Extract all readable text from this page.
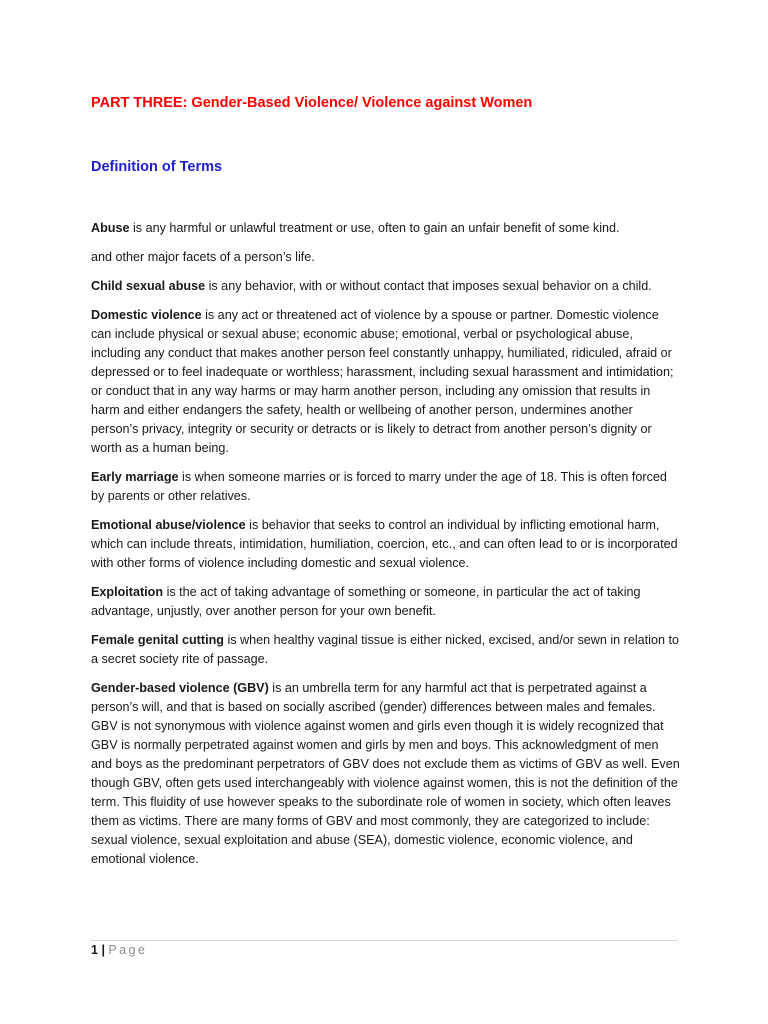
PART THREE: Gender-Based Violence/ Violence against Women
Definition of Terms

Abuse is any harmful or unlawful treatment or use, often to gain an unfair benefit of some kind.

and other major facets of a person’s life.

Child sexual abuse is any behavior, with or without contact that imposes sexual behavior on a child.

Domestic violence is any act or threatened act of violence by a spouse or partner. Domestic violence can include physical or sexual abuse; economic abuse; emotional, verbal or psychological abuse, including any conduct that makes another person feel constantly unhappy, humiliated, ridiculed, afraid or depressed or to feel inadequate or worthless; harassment, including sexual harassment and intimidation; or conduct that in any way harms or may harm another person, including any omission that results in harm and either endangers the safety, health or wellbeing of another person, undermines another person’s privacy, integrity or security or detracts or is likely to detract from another person’s dignity or worth as a human being.

Early marriage is when someone marries or is forced to marry under the age of 18. This is often forced by parents or other relatives.

Emotional abuse/violence is behavior that seeks to control an individual by inflicting emotional harm, which can include threats, intimidation, humiliation, coercion, etc., and can often lead to or is incorporated with other forms of violence including domestic and sexual violence.

Exploitation is the act of taking advantage of something or someone, in particular the act of taking advantage, unjustly, over another person for your own benefit.

Female genital cutting is when healthy vaginal tissue is either nicked, excised, and/or sewn in relation to a secret society rite of passage.

Gender-based violence (GBV) is an umbrella term for any harmful act that is perpetrated against a person’s will, and that is based on socially ascribed (gender) differences between males and females. GBV is not synonymous with violence against women and girls even though it is widely recognized that GBV is normally perpetrated against women and girls by men and boys. This acknowledgment of men and boys as the predominant perpetrators of GBV does not exclude them as victims of GBV as well. Even though GBV, often gets used interchangeably with violence against women, this is not the definition of the term. This fluidity of use however speaks to the subordinate role of women in society, which often leaves them as victims. There are many forms of GBV and most commonly, they are categorized to include: sexual violence, sexual exploitation and abuse (SEA), domestic violence, economic violence, and emotional violence.

1 | Page
